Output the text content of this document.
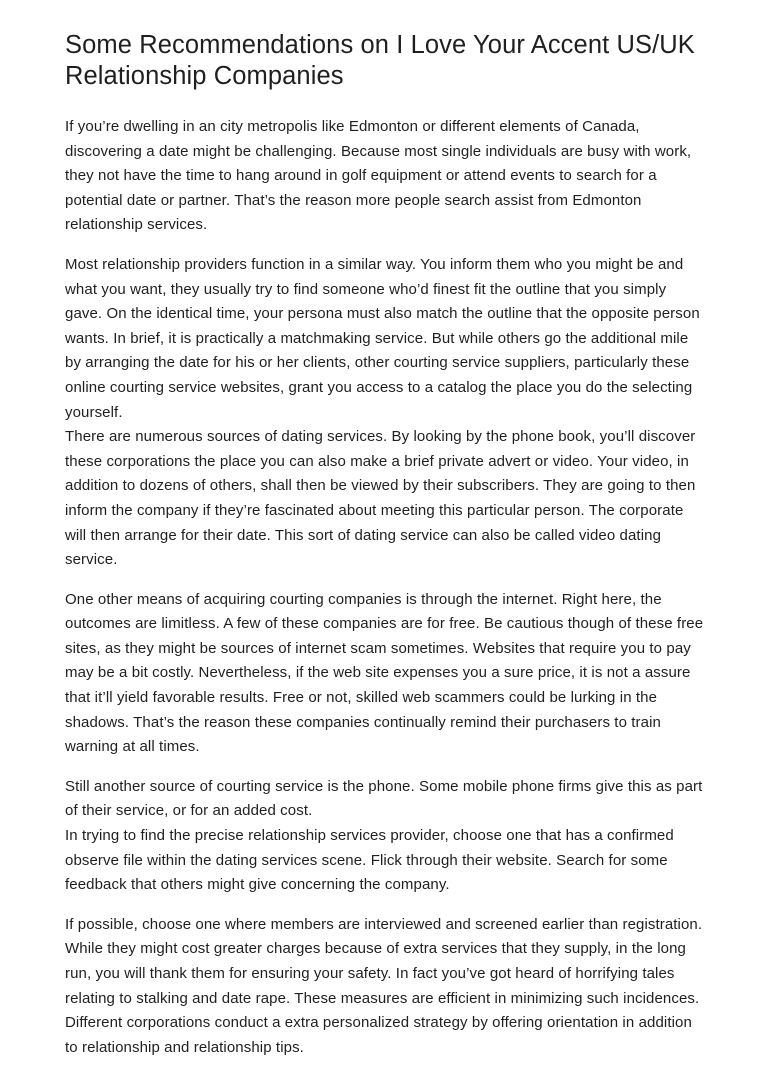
Some Recommendations on I Love Your Accent US/UK
Relationship Companies

If you’re dwelling in an city metropolis like Edmonton or different elements of Canada, discovering a date might be challenging. Because most single individuals are busy with work, they not have the time to hang around in golf equipment or attend events to search for a potential date or partner. That’s the reason more people search assist from Edmonton relationship services.

Most relationship providers function in a similar way. You inform them who you might be and what you want, they usually try to find someone who’d finest fit the outline that you simply gave. On the identical time, your persona must also match the outline that the opposite person wants. In brief, it is practically a matchmaking service. But while others go the additional mile by arranging the date for his or her clients, other courting service suppliers, particularly these online courting service websites, grant you access to a catalog the place you do the selecting yourself.

There are numerous sources of dating services. By looking by the phone book, you’ll discover these corporations the place you can also make a brief private advert or video. Your video, in addition to dozens of others, shall then be viewed by their subscribers. They are going to then inform the company if they’re fascinated about meeting this particular person. The corporate will then arrange for their date. This sort of dating service can also be called video dating service.

One other means of acquiring courting companies is through the internet. Right here, the outcomes are limitless. A few of these companies are for free. Be cautious though of these free sites, as they might be sources of internet scam sometimes. Websites that require you to pay may be a bit costly. Nevertheless, if the web site expenses you a sure price, it is not a assure that it’ll yield favorable results. Free or not, skilled web scammers could be lurking in the shadows. That’s the reason these companies continually remind their purchasers to train warning at all times.

Still another source of courting service is the phone. Some mobile phone firms give this as part of their service, or for an added cost.

In trying to find the precise relationship services provider, choose one that has a confirmed observe file within the dating services scene. Flick through their website. Search for some feedback that others might give concerning the company.

If possible, choose one where members are interviewed and screened earlier than registration. While they might cost greater charges because of extra services that they supply, in the long run, you will thank them for ensuring your safety. In fact you’ve got heard of horrifying tales relating to stalking and date rape. These measures are efficient in minimizing such incidences. Different corporations conduct a extra personalized strategy by offering orientation in addition to relationship and relationship tips.
